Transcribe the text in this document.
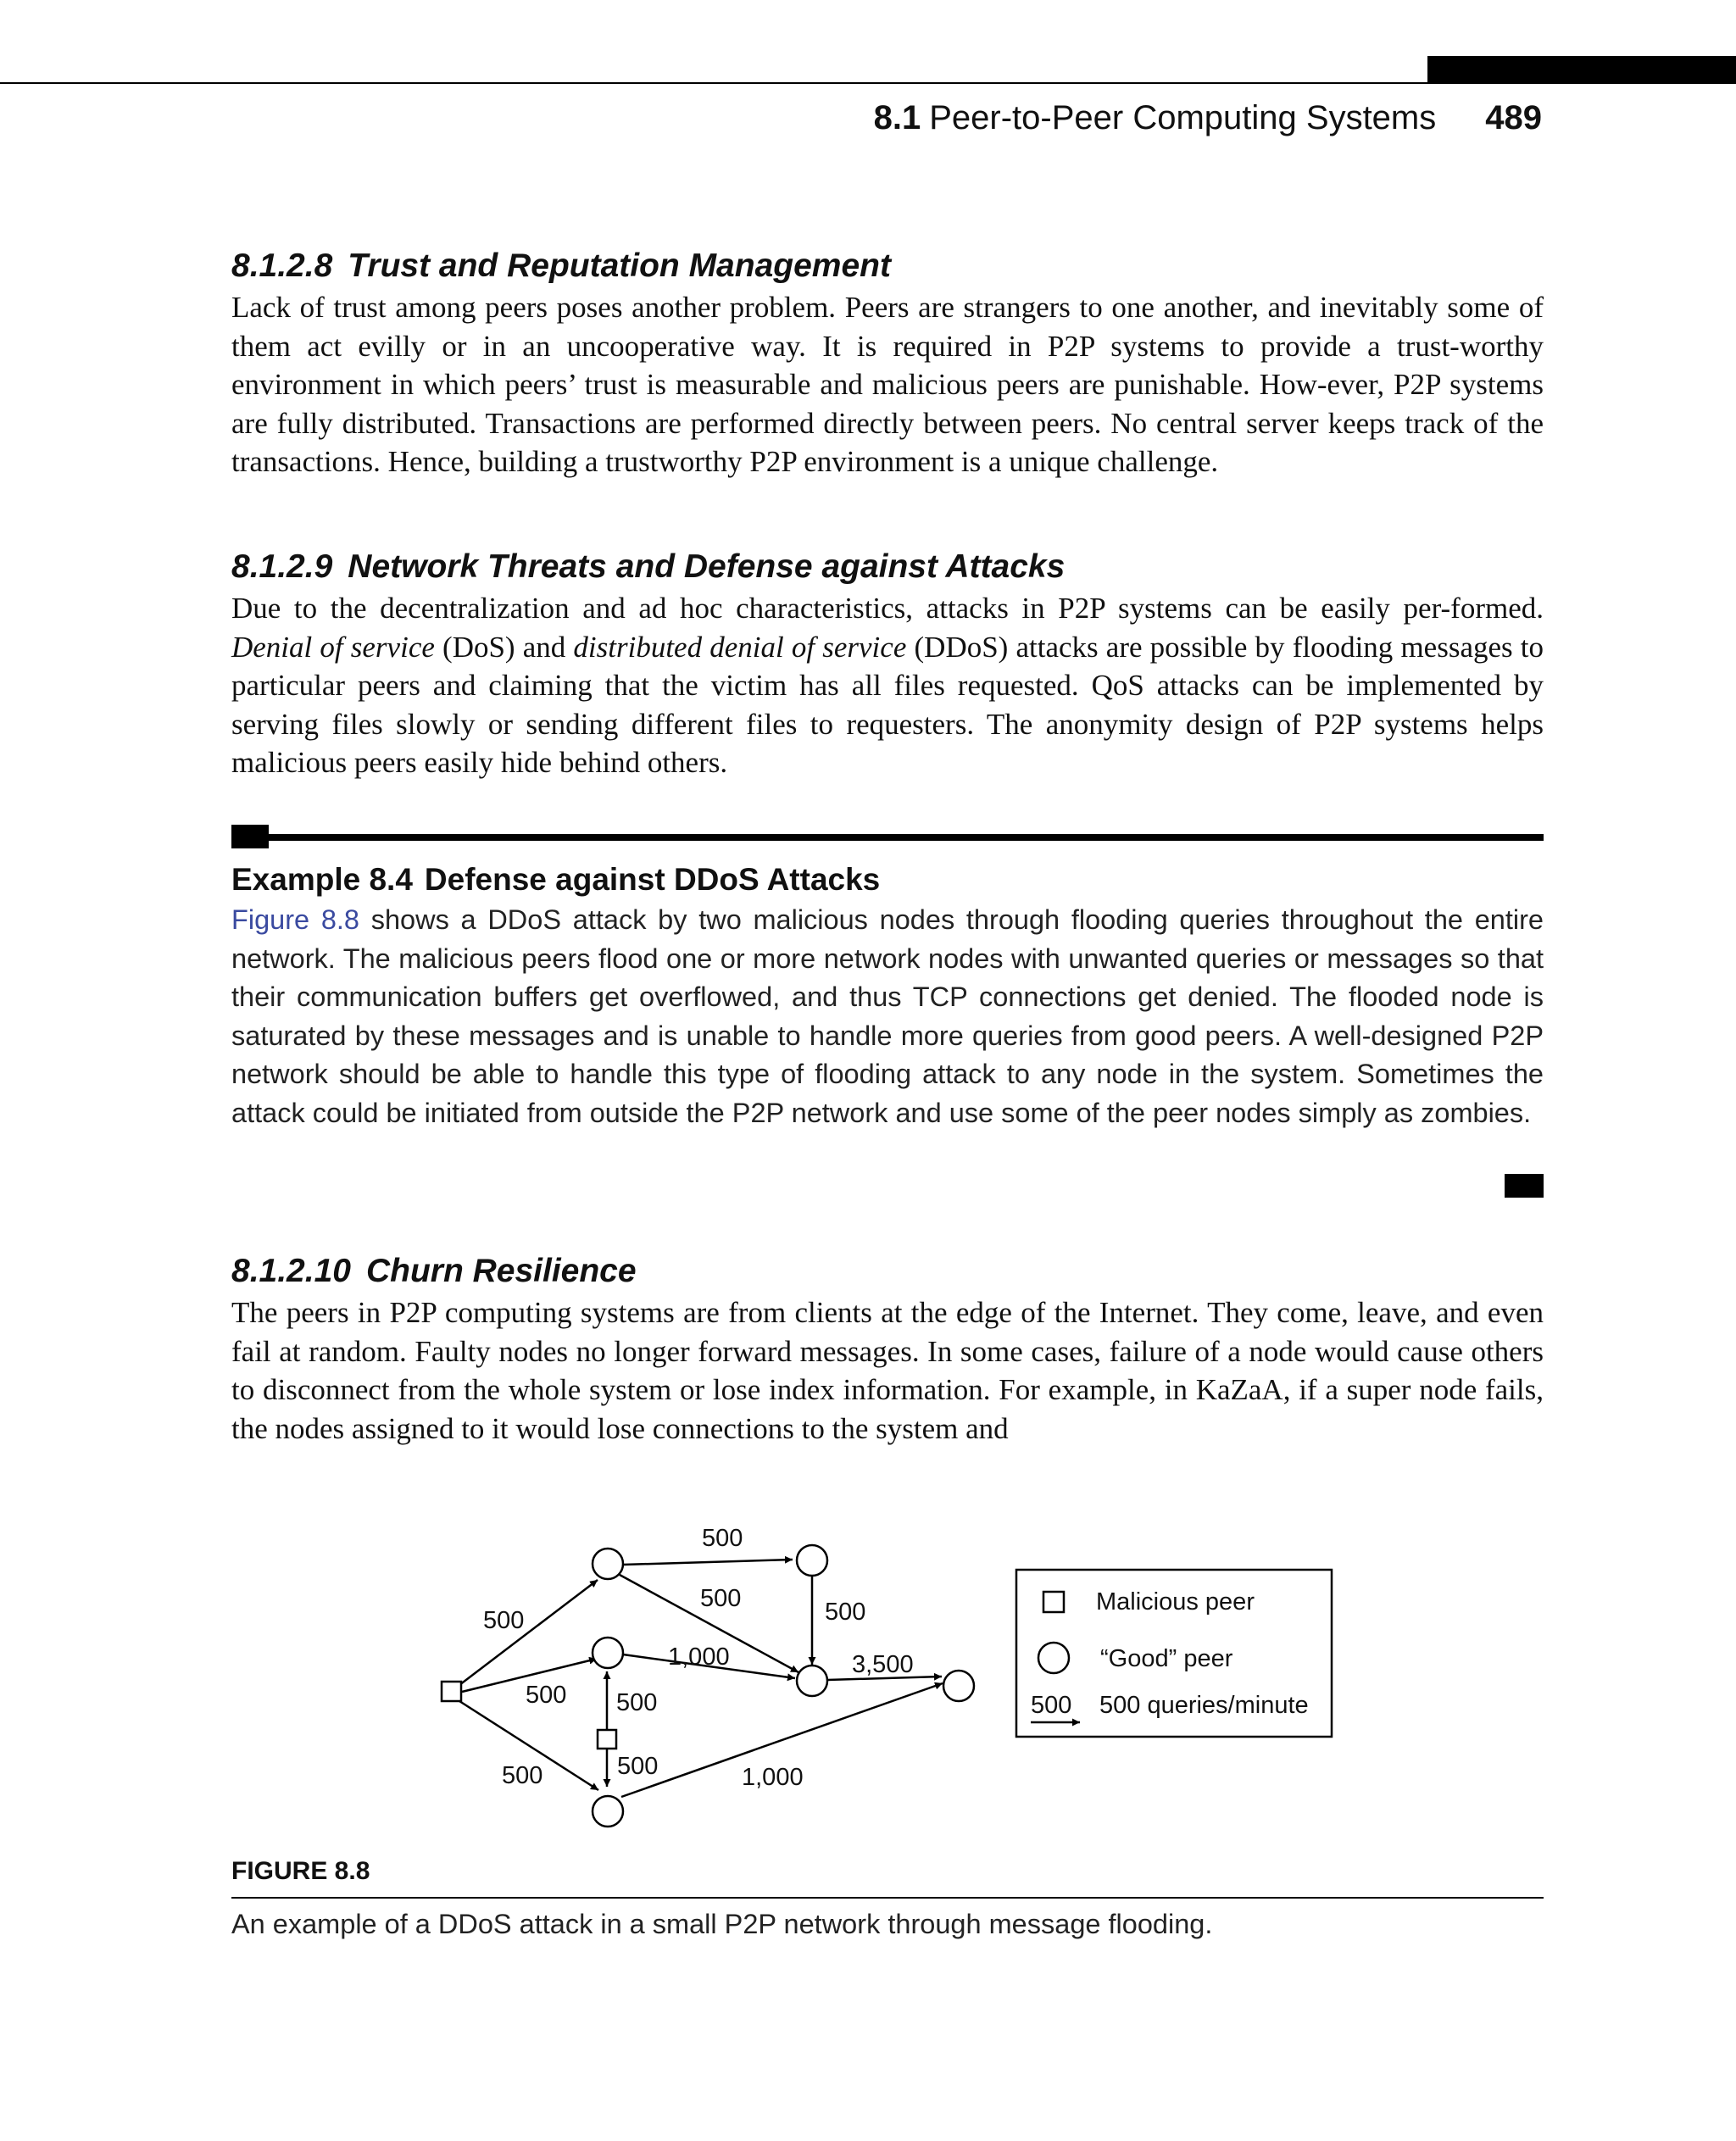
8.1 Peer-to-Peer Computing Systems 489
8.1.2.8 Trust and Reputation Management

Lack of trust among peers poses another problem. Peers are strangers to one another, and inevitably some of them act evilly or in an uncooperative way. It is required in P2P systems to provide a trust-worthy environment in which peers’ trust is measurable and malicious peers are punishable. How-ever, P2P systems are fully distributed. Transactions are performed directly between peers. No central server keeps track of the transactions. Hence, building a trustworthy P2P environment is a unique challenge.

8.1.2.9 Network Threats and Defense against Attacks

Due to the decentralization and ad hoc characteristics, attacks in P2P systems can be easily per-formed. Denial of service (DoS) and distributed denial of service (DDoS) attacks are possible by flooding messages to particular peers and claiming that the victim has all files requested. QoS attacks can be implemented by serving files slowly or sending different files to requesters. The anonymity design of P2P systems helps malicious peers easily hide behind others.

Example 8.4 Defense against DDoS Attacks

Figure 8.8 shows a DDoS attack by two malicious nodes through flooding queries throughout the entire network. The malicious peers flood one or more network nodes with unwanted queries or messages so that their communication buffers get overflowed, and thus TCP connections get denied. The flooded node is saturated by these messages and is unable to handle more queries from good peers. A well-designed P2P network should be able to handle this type of flooding attack to any node in the system. Sometimes the attack could be initiated from outside the P2P network and use some of the peer nodes simply as zombies.

8.1.2.10 Churn Resilience

The peers in P2P computing systems are from clients at the edge of the Internet. They come, leave, and even fail at random. Faulty nodes no longer forward messages. In some cases, failure of a node would cause others to disconnect from the whole system or lose index information. For example, in KaZaA, if a super node fails, the nodes assigned to it would lose connections to the system and

500
500	500
500
1,000	3,500
500 500
500	500	1,000
Malicious peer
“Good” peer
500 500 queries/minute
FIGURE 8.8
An example of a DDoS attack in a small P2P network through message flooding.
